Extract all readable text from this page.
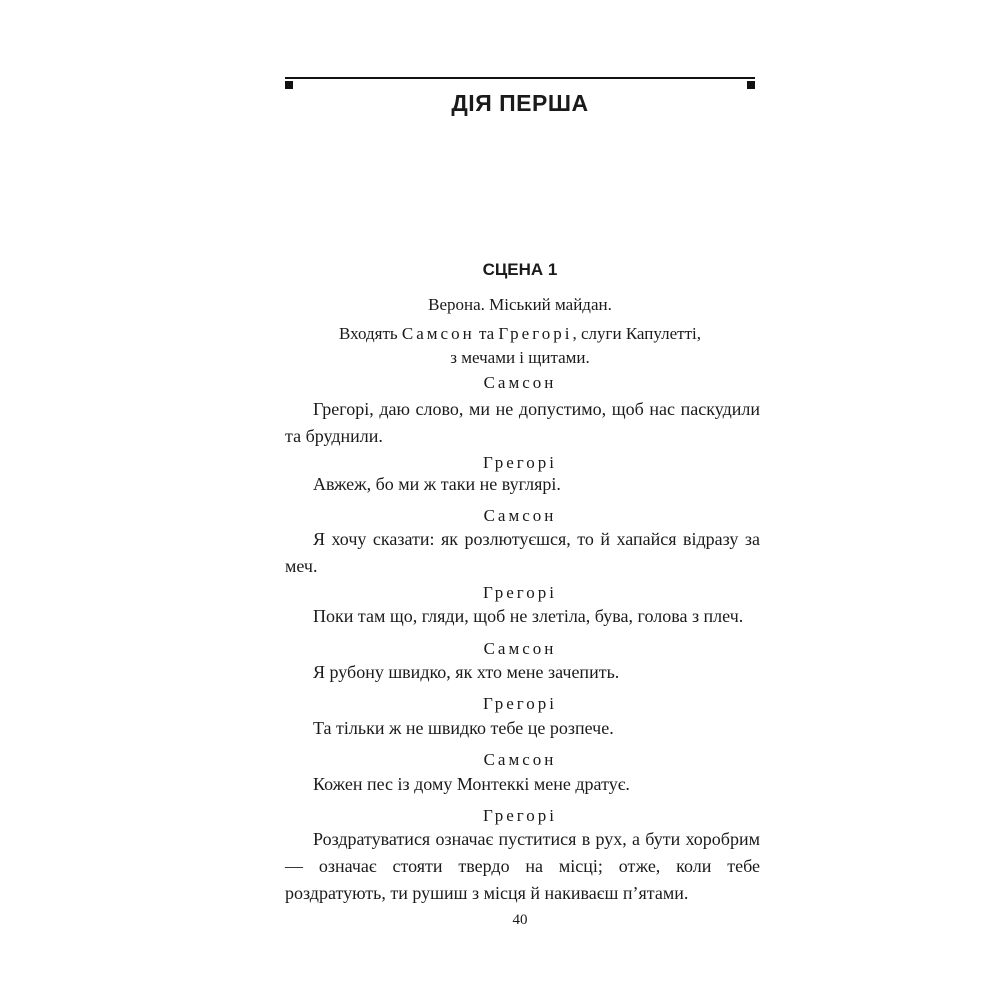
ДІЯ ПЕРША
СЦЕНА 1
Верона. Міський майдан.
Входять Самсон та Грегорі, слуги Капулетті,
з мечами і щитами.
Самсон
Грегорі, даю слово, ми не допустимо, щоб нас паскудили та бруднили.
Грегорі
Авжеж, бо ми ж таки не вуглярі.
Самсон
Я хочу сказати: як розлютуєшся, то й хапайся відразу за меч.
Грегорі
Поки там що, гляди, щоб не злетіла, бува, голова з плеч.
Самсон
Я рубону швидко, як хто мене зачепить.
Грегорі
Та тільки ж не швидко тебе це розпече.
Самсон
Кожен пес із дому Монтеккі мене дратує.
Грегорі
Роздратуватися означає пуститися в рух, а бути хоробрим — означає стояти твердо на місці; отже, коли тебе роздратують, ти рушиш з місця й накиваєш п’ятами.
40
